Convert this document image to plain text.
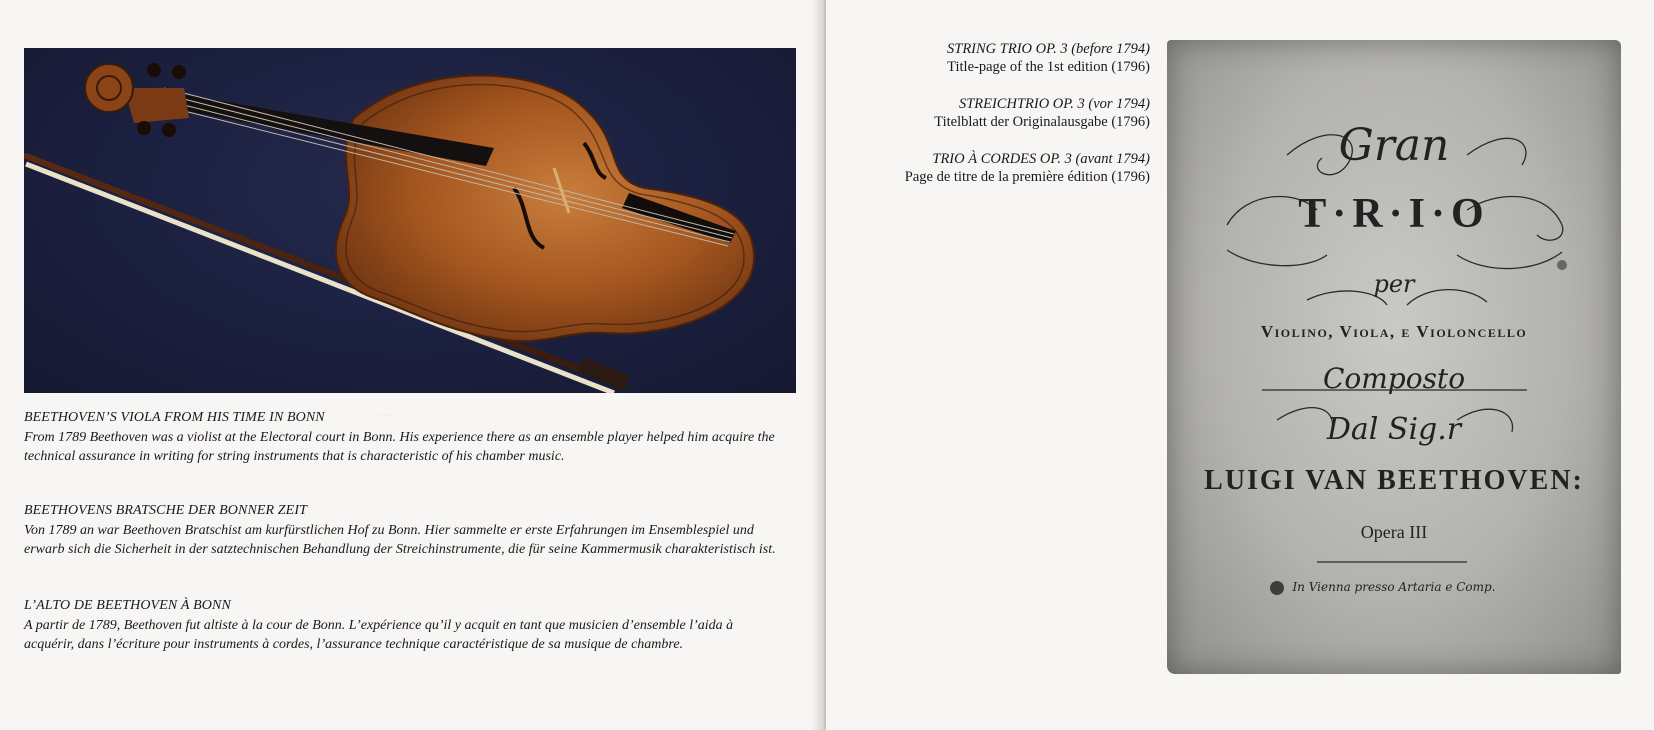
—

BEETHOVEN’S VIOLA FROM HIS TIME IN BONN

From 1789 Beethoven was a violist at the Electoral court in Bonn. His experience there as an ensemble player helped him acquire the technical assurance in writing for string instruments that is characteristic of his chamber music.

BEETHOVENS BRATSCHE DER BONNER ZEIT

Von 1789 an war Beethoven Bratschist am kurfürstlichen Hof zu Bonn. Hier sammelte er erste Erfahrungen im Ensemblespiel und erwarb sich die Sicherheit in der satztechnischen Behandlung der Streichinstrumente, die für seine Kammermusik charakteristisch ist.

L’ALTO DE BEETHOVEN À BONN

A partir de 1789, Beethoven fut altiste à la cour de Bonn. L’expérience qu’il y acquit en tant que musicien d’ensemble l’aida à acquérir, dans l’écriture pour instruments à cordes, l’assurance technique caractéristique de sa musique de chambre.

STRING TRIO OP. 3 (before 1794)
Title-page of the 1st edition (1796)
STREICHTRIO OP. 3 (vor 1794)
Titelblatt der Originalausgabe (1796)
TRIO À CORDES OP. 3 (avant 1794)
Page de titre de la première édition (1796)
Gran
T·R·I·O
per
Violino, Viola, e Violoncello
Composto
Dal Sig.r
LUIGI VAN BEETHOVEN:
Opera III
In Vienna presso Artaria e Comp.
